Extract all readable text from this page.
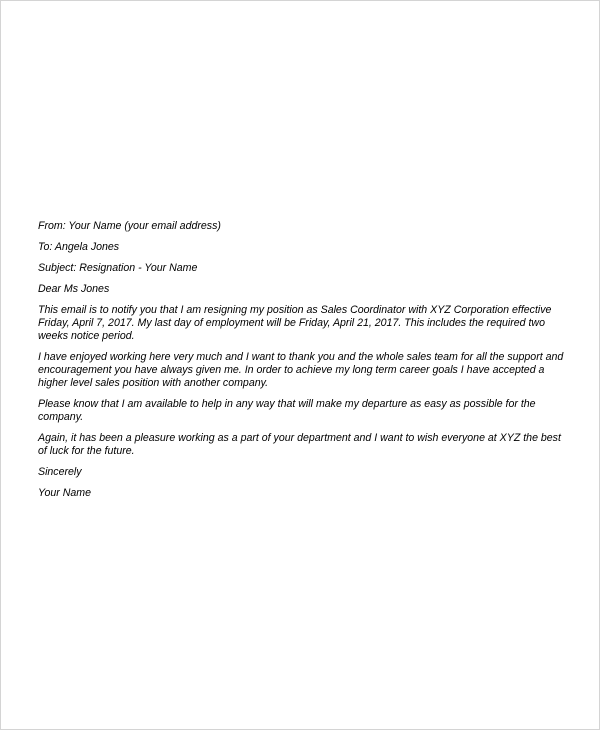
From: Your Name (your email address)

To: Angela Jones

Subject: Resignation - Your Name

Dear Ms Jones

This email is to notify you that I am resigning my position as Sales Coordinator with XYZ Corporation effective Friday, April 7, 2017. My last day of employment will be Friday, April 21, 2017. This includes the required two weeks notice period.

I have enjoyed working here very much and I want to thank you and the whole sales team for all the support and encouragement you have always given me. In order to achieve my long term career goals I have accepted a higher level sales position with another company.

Please know that I am available to help in any way that will make my departure as easy as possible for the company.

Again, it has been a pleasure working as a part of your department and I want to wish everyone at XYZ the best of luck for the future.

Sincerely

Your Name
